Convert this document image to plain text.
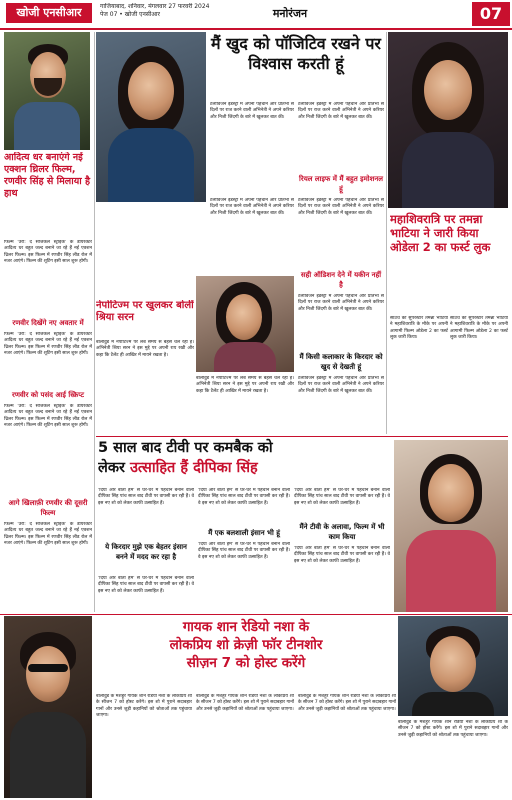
खोजी एनसीआर	गाजियाबाद, शनिवार, मंगलवार 27 फरवरी 2024
पेज 07 • खोजी एनसीआर	मनोरंजन	07
आदित्य धर बनाएंगे नई एक्शन थ्रिलर फिल्म, रणवीर सिंह से मिलाया है हाथ
फिल्म 'उरी: द सर्जिकल स्ट्राइक' के डायरेक्टर आदित्य धर बहुत जल्द बनाने जा रहे हैं नई एक्शन थ्रिलर फिल्म। इस फिल्म में रणवीर सिंह लीड रोल में नजर आएंगे। फिल्म की शूटिंग इसी साल शुरू होगी।
रणवीर दिखेंगे नए अवतार में
फिल्म 'उरी: द सर्जिकल स्ट्राइक' के डायरेक्टर आदित्य धर बहुत जल्द बनाने जा रहे हैं नई एक्शन थ्रिलर फिल्म। इस फिल्म में रणवीर सिंह लीड रोल में नजर आएंगे। फिल्म की शूटिंग इसी साल शुरू होगी।
रणवीर को पसंद आई स्क्रिप्ट
फिल्म 'उरी: द सर्जिकल स्ट्राइक' के डायरेक्टर आदित्य धर बहुत जल्द बनाने जा रहे हैं नई एक्शन थ्रिलर फिल्म। इस फिल्म में रणवीर सिंह लीड रोल में नजर आएंगे। फिल्म की शूटिंग इसी साल शुरू होगी।
आगे खिलाफ़ी रणवीर की दूसरी फिल्म
फिल्म 'उरी: द सर्जिकल स्ट्राइक' के डायरेक्टर आदित्य धर बहुत जल्द बनाने जा रहे हैं नई एक्शन थ्रिलर फिल्म। इस फिल्म में रणवीर सिंह लीड रोल में नजर आएंगे। फिल्म की शूटिंग इसी साल शुरू होगी।
मैं खुद को पॉजिटिव रखने पर विश्वास करती हूं
टेलीविजन इंडस्ट्री में अपनी पहचान और प्रतिभा से दिलों पर राज करने वाली अभिनेत्री ने अपने करियर और निजी जिंदगी के बारे में खुलकर बात की।
टेलीविजन इंडस्ट्री में अपनी पहचान और प्रतिभा से दिलों पर राज करने वाली अभिनेत्री ने अपने करियर और निजी जिंदगी के बारे में खुलकर बात की।
रियल लाइफ में मैं बहुत इमोशनल हूं
टेलीविजन इंडस्ट्री में अपनी पहचान और प्रतिभा से दिलों पर राज करने वाली अभिनेत्री ने अपने करियर और निजी जिंदगी के बारे में खुलकर बात की।
टेलीविजन इंडस्ट्री में अपनी पहचान और प्रतिभा से दिलों पर राज करने वाली अभिनेत्री ने अपने करियर और निजी जिंदगी के बारे में खुलकर बात की।
सही ऑडिशन देने में यकीन नहीं है
टेलीविजन इंडस्ट्री में अपनी पहचान और प्रतिभा से दिलों पर राज करने वाली अभिनेत्री ने अपने करियर और निजी जिंदगी के बारे में खुलकर बात की।
मैं किसी कलाकार के किरदार को खुद से देखती हूं
टेलीविजन इंडस्ट्री में अपनी पहचान और प्रतिभा से दिलों पर राज करने वाली अभिनेत्री ने अपने करियर और निजी जिंदगी के बारे में खुलकर बात की।
नेपोटिज्म पर खुलकर बोलीं श्रिया सरन
बॉलीवुड में नेपोटिज्म पर लंबे समय से बहस चल रही है। अभिनेत्री श्रिया सरन ने इस मुद्दे पर अपनी राय रखी और कहा कि टैलेंट ही आखिर में मायने रखता है।
बॉलीवुड में नेपोटिज्म पर लंबे समय से बहस चल रही है। अभिनेत्री श्रिया सरन ने इस मुद्दे पर अपनी राय रखी और कहा कि टैलेंट ही आखिर में मायने रखता है।
महाशिवरात्रि पर तमन्ना भाटिया ने जारी किया ओडेला 2 का फर्स्ट लुक
साउथ की सुपरस्टार तमन्ना भाटिया ने महाशिवरात्रि के मौके पर अपनी आगामी फिल्म ओडेला 2 का फर्स्ट लुक जारी किया।
साउथ की सुपरस्टार तमन्ना भाटिया ने महाशिवरात्रि के मौके पर अपनी आगामी फिल्म ओडेला 2 का फर्स्ट लुक जारी किया।
5 साल बाद टीवी पर कमबैक को
लेकर उत्साहित हैं दीपिका सिंह
'दिया और बाती हम' से घर-घर में पहचान बनाने वाली दीपिका सिंह पांच साल बाद टीवी पर वापसी कर रही हैं। वे इस नए शो को लेकर काफी उत्साहित हैं।
ये किरदार मुझे एक बेहतर इंसान बनने में मदद कर रहा है
'दिया और बाती हम' से घर-घर में पहचान बनाने वाली दीपिका सिंह पांच साल बाद टीवी पर वापसी कर रही हैं। वे इस नए शो को लेकर काफी उत्साहित हैं।
'दिया और बाती हम' से घर-घर में पहचान बनाने वाली दीपिका सिंह पांच साल बाद टीवी पर वापसी कर रही हैं। वे इस नए शो को लेकर काफी उत्साहित हैं।
मैं एक बलशाली इंसान भी हूं
'दिया और बाती हम' से घर-घर में पहचान बनाने वाली दीपिका सिंह पांच साल बाद टीवी पर वापसी कर रही हैं। वे इस नए शो को लेकर काफी उत्साहित हैं।
'दिया और बाती हम' से घर-घर में पहचान बनाने वाली दीपिका सिंह पांच साल बाद टीवी पर वापसी कर रही हैं। वे इस नए शो को लेकर काफी उत्साहित हैं।
मैंने टीवी के अलावा, फिल्म में भी काम किया
'दिया और बाती हम' से घर-घर में पहचान बनाने वाली दीपिका सिंह पांच साल बाद टीवी पर वापसी कर रही हैं। वे इस नए शो को लेकर काफी उत्साहित हैं।
गायक शान रेडियो नशा के
लोकप्रिय शो क्रेज़ी फॉर टीनशोर
सीज़न 7 को होस्ट करेंगे
बॉलीवुड के मशहूर गायक शान रेडियो नशा के लोकप्रिय शो के सीजन 7 को होस्ट करेंगे। इस शो में पुराने सदाबहार गानों और उनसे जुड़ी कहानियों को श्रोताओं तक पहुंचाया जाएगा।
बॉलीवुड के मशहूर गायक शान रेडियो नशा के लोकप्रिय शो के सीजन 7 को होस्ट करेंगे। इस शो में पुराने सदाबहार गानों और उनसे जुड़ी कहानियों को श्रोताओं तक पहुंचाया जाएगा।
बॉलीवुड के मशहूर गायक शान रेडियो नशा के लोकप्रिय शो के सीजन 7 को होस्ट करेंगे। इस शो में पुराने सदाबहार गानों और उनसे जुड़ी कहानियों को श्रोताओं तक पहुंचाया जाएगा।
बॉलीवुड के मशहूर गायक शान रेडियो नशा के लोकप्रिय शो के सीजन 7 को होस्ट करेंगे। इस शो में पुराने सदाबहार गानों और उनसे जुड़ी कहानियों को श्रोताओं तक पहुंचाया जाएगा।
